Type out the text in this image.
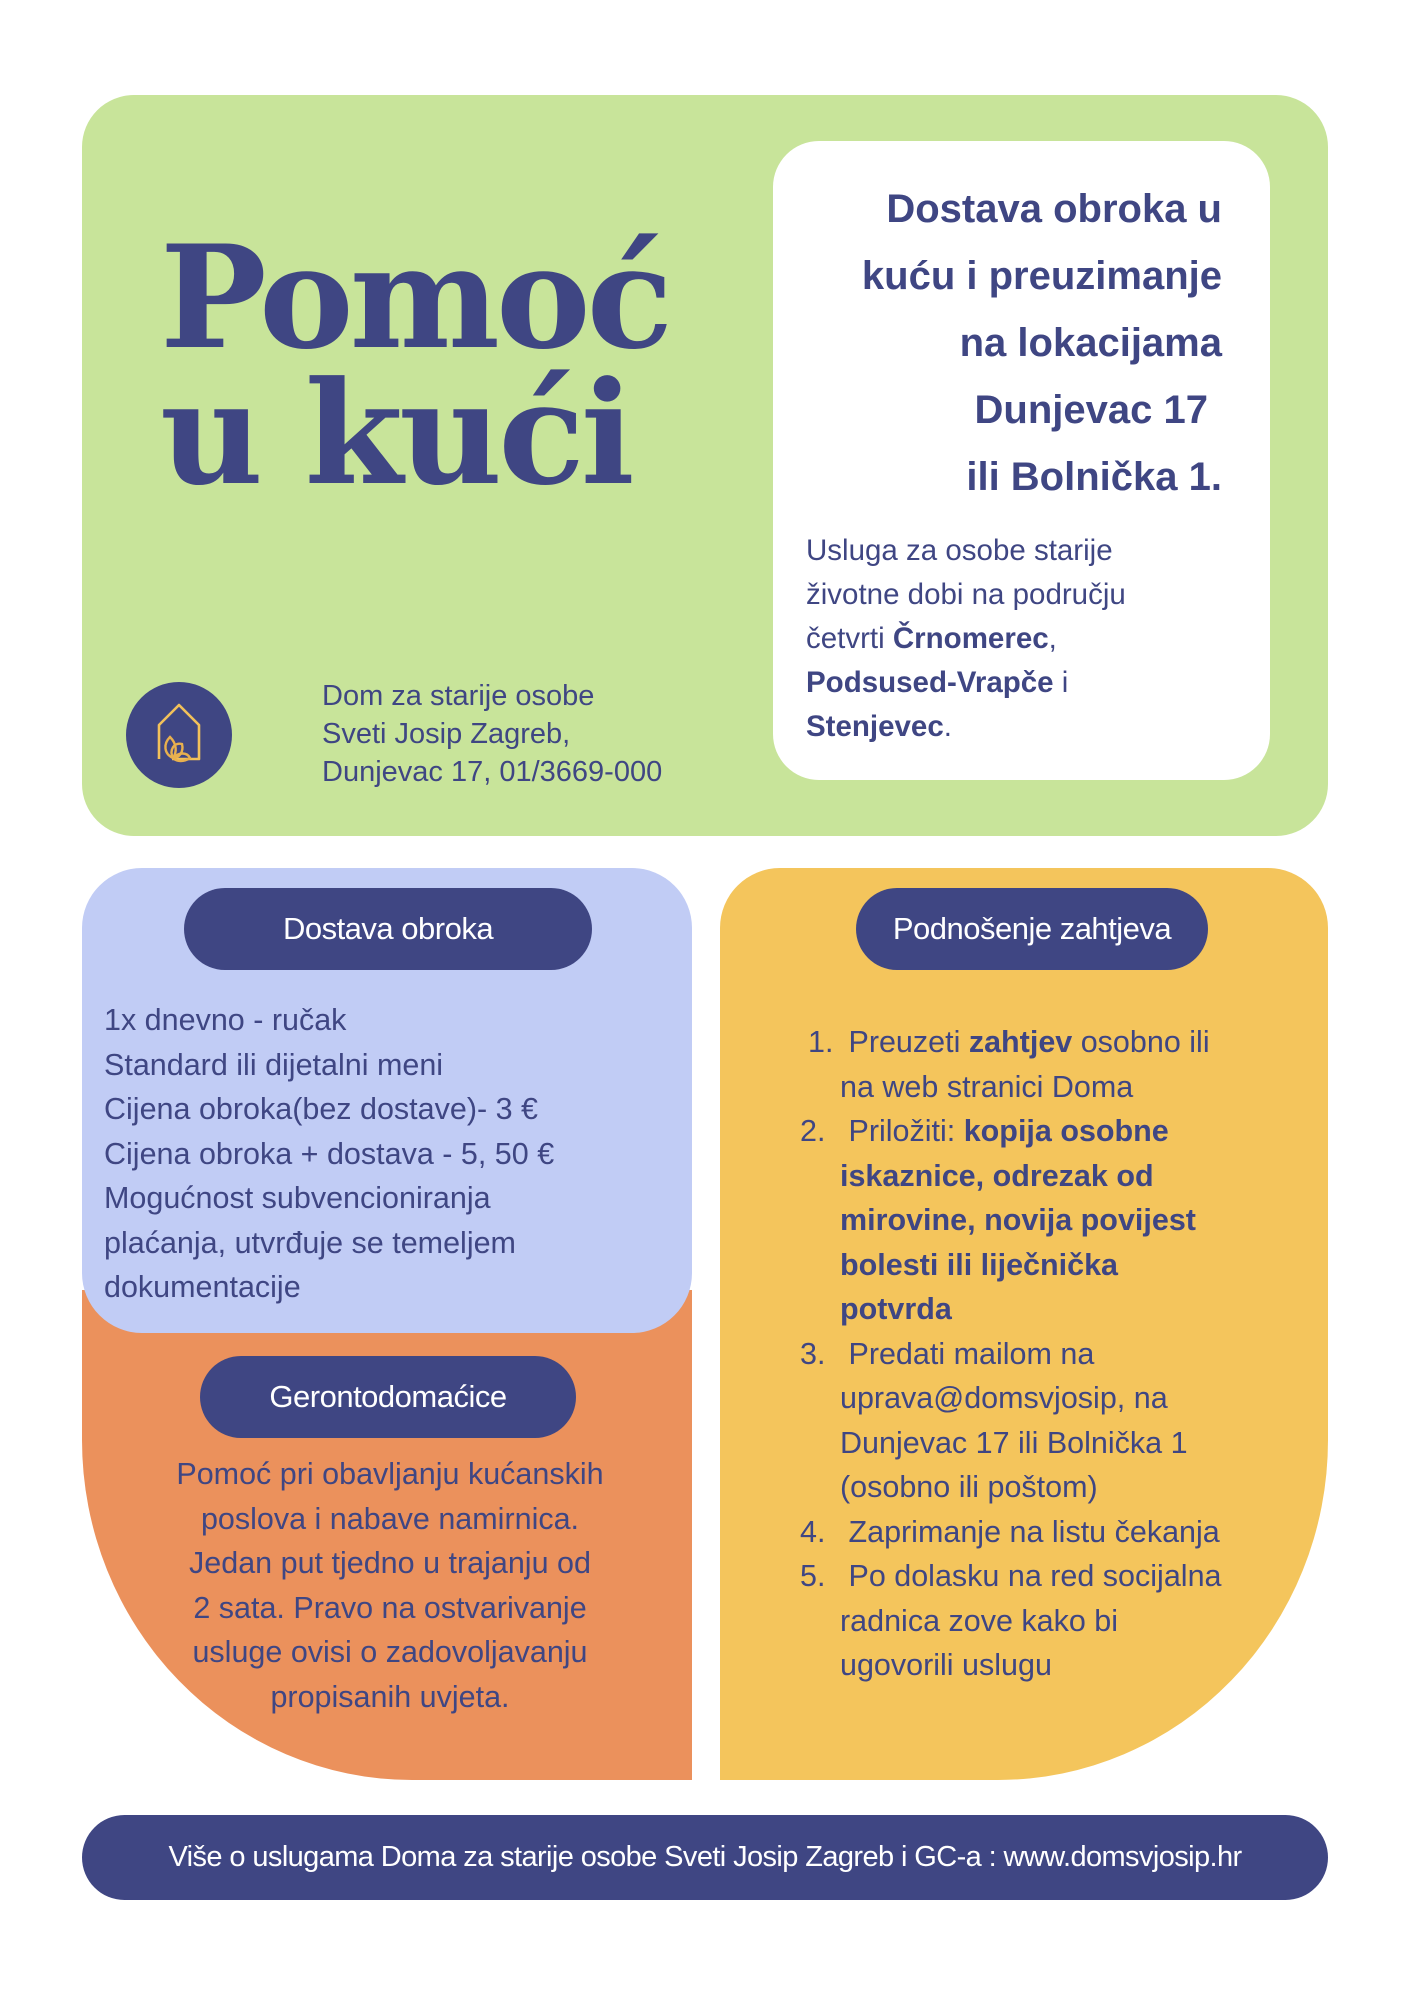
Pomoć
u kući
Dom za starije osobe
Sveti Josip Zagreb,
Dunjevac 17, 01/3669-000
Dostava obroka u
kuću i preuzimanje
na lokacijama
Dunjevac 17
ili Bolnička 1.
Usluga za osobe starije
životne dobi na području
četvrti Črnomerec,
Podsused-Vrapče i
Stenjevec.
Dostava obroka
1x dnevno - ručak
Standard ili dijetalni meni
Cijena obroka(bez dostave)- 3 €
Cijena obroka + dostava - 5, 50 €
Mogućnost subvencioniranja
plaćanja, utvrđuje se temeljem
dokumentacije
Gerontodomaćice
Pomoć pri obavljanju kućanskih
poslova i nabave namirnica.
Jedan put tjedno u trajanju od
2 sata. Pravo na ostvarivanje
usluge ovisi o zadovoljavanju
propisanih uvjeta.
Podnošenje zahtjeva
1. Preuzeti zahtjev osobno ili
na web stranici Doma
2. Priložiti: kopija osobne
iskaznice, odrezak od
mirovine, novija povijest
bolesti ili liječnička
potvrda
3. Predati mailom na
uprava@domsvjosip, na
Dunjevac 17 ili Bolnička 1
(osobno ili poštom)
4. Zaprimanje na listu čekanja
5. Po dolasku na red socijalna
radnica zove kako bi
ugovorili uslugu
Više o uslugama Doma za starije osobe Sveti Josip Zagreb i GC-a : www.domsvjosip.hr
